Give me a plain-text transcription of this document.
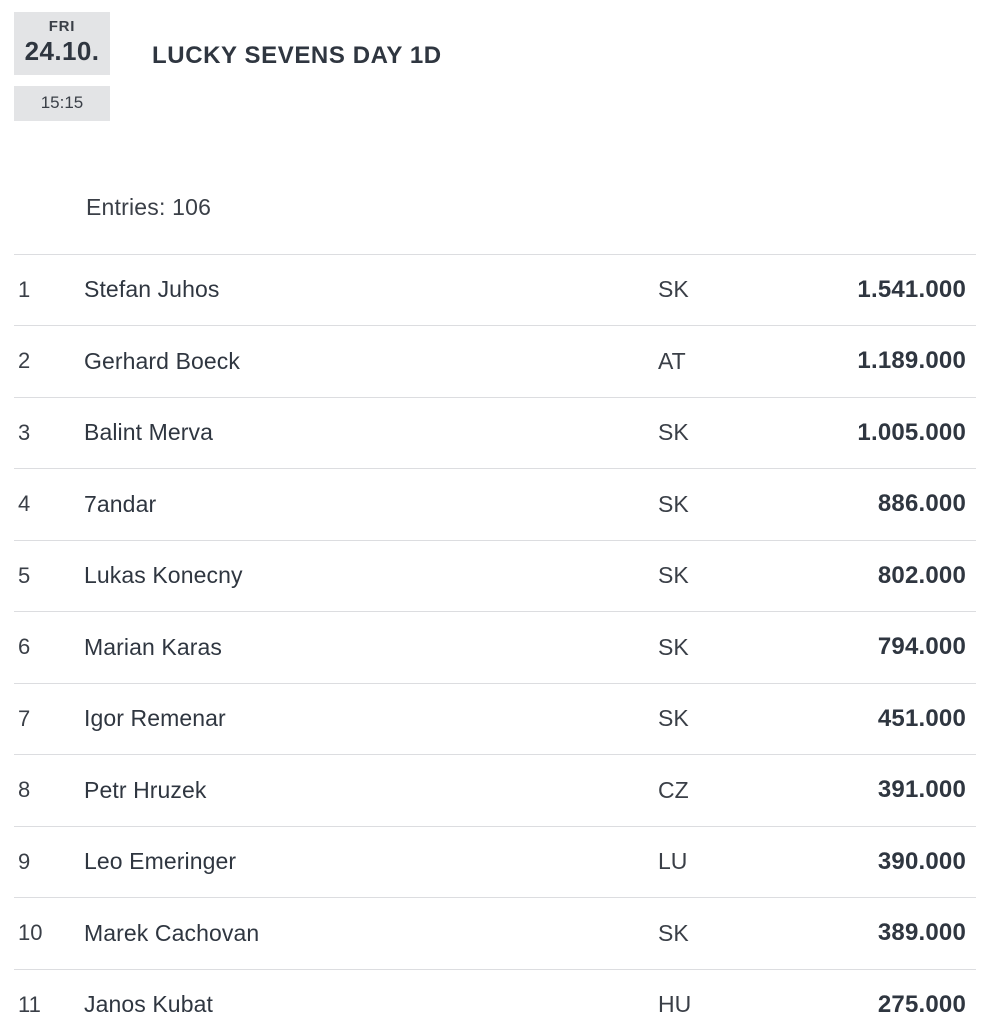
FRI
24.10.
15:15
LUCKY SEVENS DAY 1D
Entries: 106
1	Stefan Juhos	SK	1.541.000
2	Gerhard Boeck	AT	1.189.000
3	Balint Merva	SK	1.005.000
4	7andar	SK	886.000
5	Lukas Konecny	SK	802.000
6	Marian Karas	SK	794.000
7	Igor Remenar	SK	451.000
8	Petr Hruzek	CZ	391.000
9	Leo Emeringer	LU	390.000
10	Marek Cachovan	SK	389.000
11	Janos Kubat	HU	275.000
